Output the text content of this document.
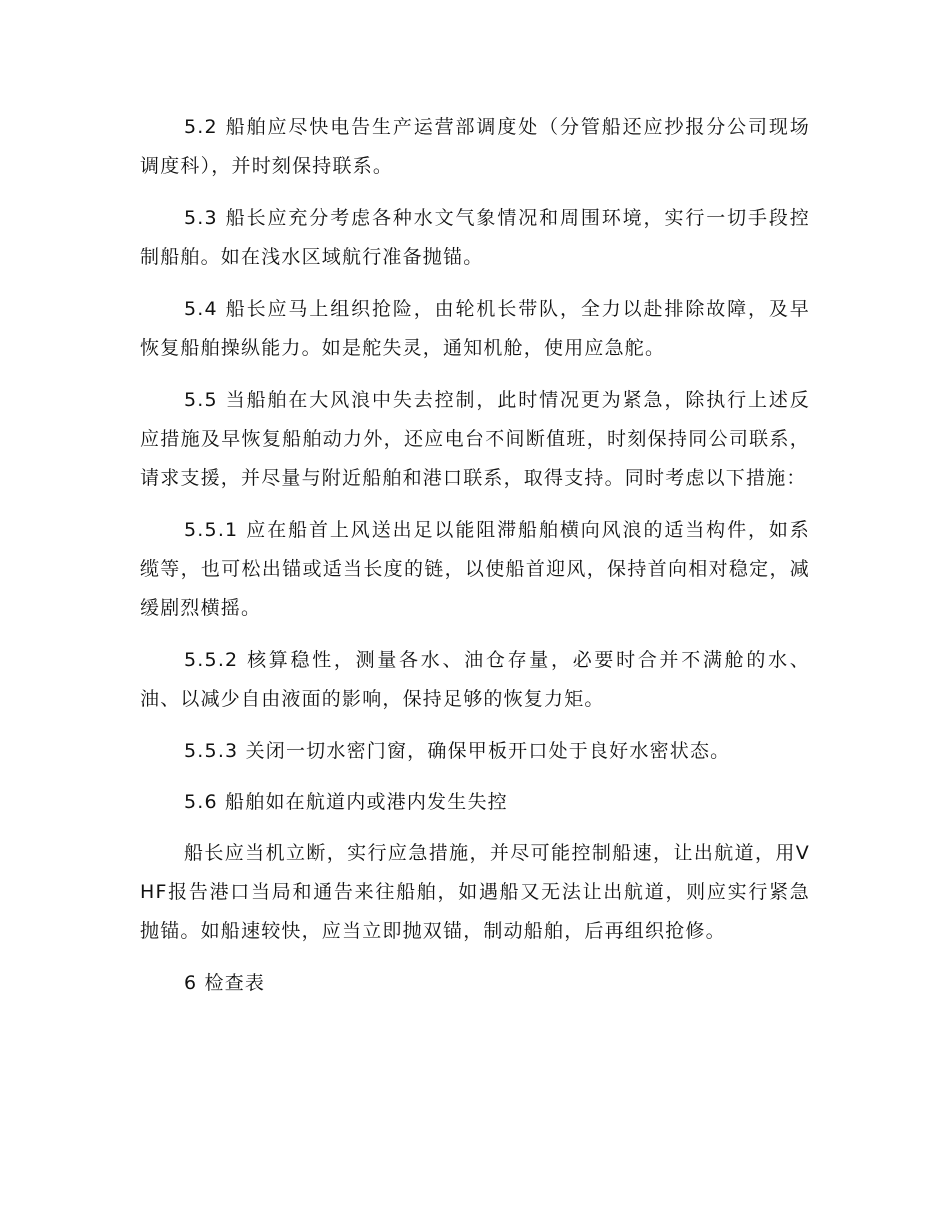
5.2 船舶应尽快电告生产运营部调度处（分管船还应抄报分公司现场调度科），并时刻保持联系。

5.3 船长应充分考虑各种水文气象情况和周围环境，实行一切手段控制船舶。如在浅水区域航行准备抛锚。

5.4 船长应马上组织抢险，由轮机长带队，全力以赴排除故障，及早恢复船舶操纵能力。如是舵失灵，通知机舱，使用应急舵。

5.5 当船舶在大风浪中失去控制，此时情况更为紧急，除执行上述反应措施及早恢复船舶动力外，还应电台不间断值班，时刻保持同公司联系，请求支援，并尽量与附近船舶和港口联系，取得支持。同时考虑以下措施：

5.5.1 应在船首上风送出足以能阻滞船舶横向风浪的适当构件，如系缆等，也可松出锚或适当长度的链，以使船首迎风，保持首向相对稳定，减缓剧烈横摇。

5.5.2 核算稳性，测量各水、油仓存量，必要时合并不满舱的水、油、以减少自由液面的影响，保持足够的恢复力矩。

5.5.3 关闭一切水密门窗，确保甲板开口处于良好水密状态。

5.6 船舶如在航道内或港内发生失控

船长应当机立断，实行应急措施，并尽可能控制船速，让出航道，用VHF报告港口当局和通告来往船舶，如遇船又无法让出航道，则应实行紧急抛锚。如船速较快，应当立即抛双锚，制动船舶，后再组织抢修。

6 检查表
